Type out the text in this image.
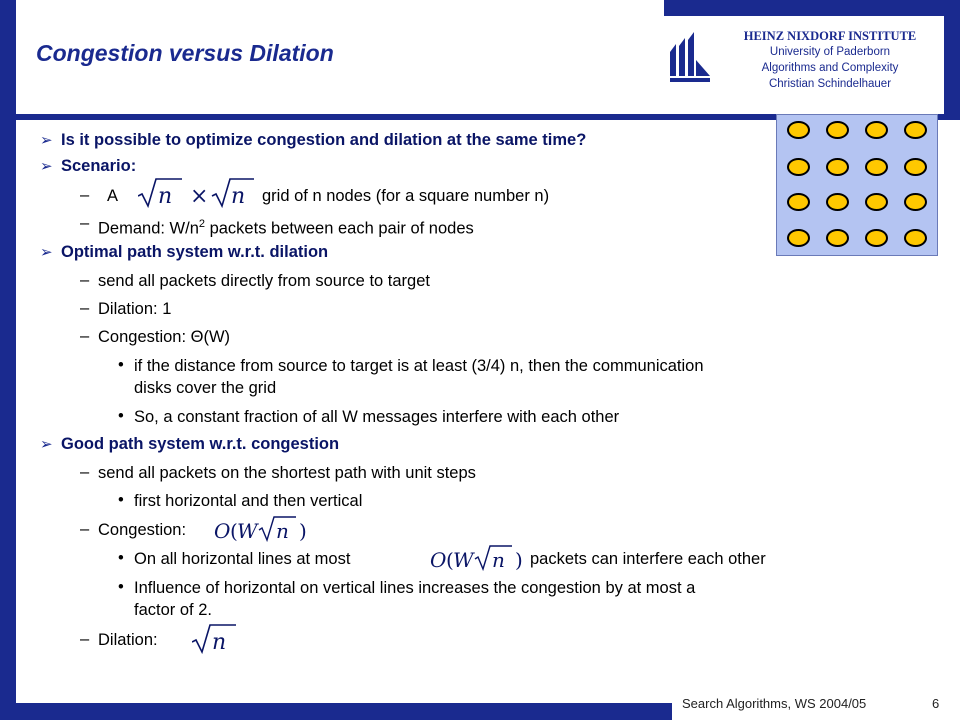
Congestion versus Dilation
HEINZ NIXDORF INSTITUTE
University of Paderborn
Algorithms and Complexity
Christian Schindelhauer
➢ Is it possible to optimize congestion and dilation at the same time?
➢ Scenario:
– A n × n grid of n nodes (for a square number n)
– Demand: $W/n^2$ packets between each pair of nodes
➢ Optimal path system w.r.t. dilation
– send all packets directly from source to target
– Dilation: 1
– Congestion: Θ(W)
• if the distance from source to target is at least (3/4) n, then the communication
disks cover the grid
• So, a constant fraction of all W messages interfere with each other
➢ Good path system w.r.t. congestion
– send all packets on the shortest path with unit steps
• first horizontal and then vertical
– Congestion: O ( W n )
• On all horizontal lines at most	O ( W n ) packets can interfere each other
• Influence of horizontal on vertical lines increases the congestion by at most a
factor of 2.
– Dilation: n
Search Algorithms, WS 2004/05	6
